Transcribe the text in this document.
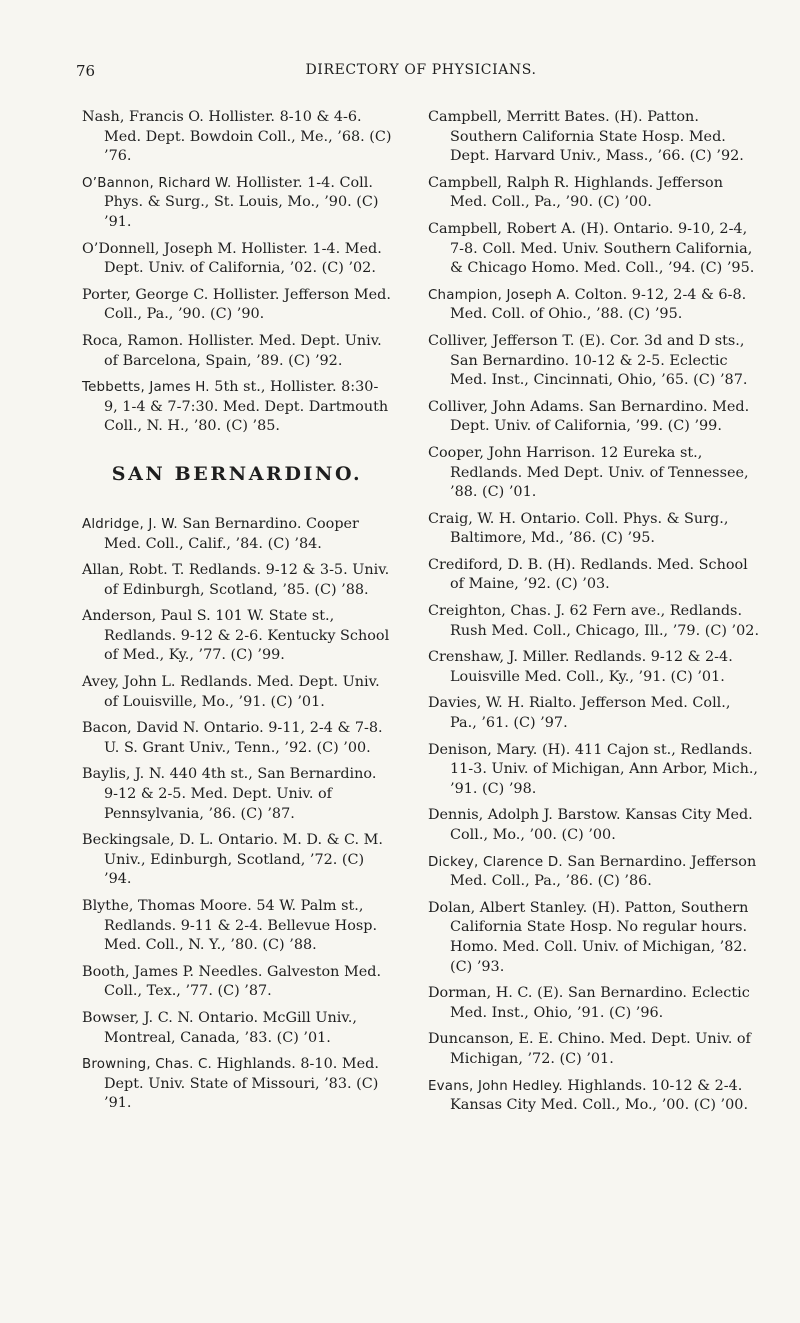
76	DIRECTORY OF PHYSICIANS.
Nash, Francis O. Hollister. 8-10 & 4-6. Med. Dept. Bowdoin Coll., Me., ’68. (C) ’76.
O’Bannon, Richard W. Hollister. 1-4. Coll. Phys. & Surg., St. Louis, Mo., ’90. (C) ’91.
O’Donnell, Joseph M. Hollister. 1-4. Med. Dept. Univ. of California, ’02. (C) ’02.
Porter, George C. Hollister. Jefferson Med. Coll., Pa., ’90. (C) ’90.
Roca, Ramon. Hollister. Med. Dept. Univ. of Barcelona, Spain, ’89. (C) ’92.
Tebbetts, James H. 5th st., Hollister. 8:30-9, 1-4 & 7-7:30. Med. Dept. Dartmouth Coll., N. H., ’80. (C) ’85.
SAN BERNARDINO.
Aldridge, J. W. San Bernardino. Cooper Med. Coll., Calif., ’84. (C) ’84.
Allan, Robt. T. Redlands. 9-12 & 3-5. Univ. of Edinburgh, Scotland, ’85. (C) ’88.
Anderson, Paul S. 101 W. State st., Redlands. 9-12 & 2-6. Kentucky School of Med., Ky., ’77. (C) ’99.
Avey, John L. Redlands. Med. Dept. Univ. of Louisville, Mo., ’91. (C) ’01.
Bacon, David N. Ontario. 9-11, 2-4 & 7-8. U. S. Grant Univ., Tenn., ’92. (C) ’00.
Baylis, J. N. 440 4th st., San Bernardino. 9-12 & 2-5. Med. Dept. Univ. of Pennsylvania, ’86. (C) ’87.
Beckingsale, D. L. Ontario. M. D. & C. M. Univ., Edinburgh, Scotland, ’72. (C) ’94.
Blythe, Thomas Moore. 54 W. Palm st., Redlands. 9-11 & 2-4. Bellevue Hosp. Med. Coll., N. Y., ’80. (C) ’88.
Booth, James P. Needles. Galveston Med. Coll., Tex., ’77. (C) ’87.
Bowser, J. C. N. Ontario. McGill Univ., Montreal, Canada, ’83. (C) ’01.
Browning, Chas. C. Highlands. 8-10. Med. Dept. Univ. State of Missouri, ’83. (C) ’91.
Campbell, Merritt Bates. (H). Patton. Southern California State Hosp. Med. Dept. Harvard Univ., Mass., ’66. (C) ’92.
Campbell, Ralph R. Highlands. Jefferson Med. Coll., Pa., ’90. (C) ’00.
Campbell, Robert A. (H). Ontario. 9-10, 2-4, 7-8. Coll. Med. Univ. Southern California, & Chicago Homo. Med. Coll., ’94. (C) ’95.
Champion, Joseph A. Colton. 9-12, 2-4 & 6-8. Med. Coll. of Ohio., ’88. (C) ’95.
Colliver, Jefferson T. (E). Cor. 3d and D sts., San Bernardino. 10-12 & 2-5. Eclectic Med. Inst., Cincinnati, Ohio, ’65. (C) ’87.
Colliver, John Adams. San Bernardino. Med. Dept. Univ. of California, ’99. (C) ’99.
Cooper, John Harrison. 12 Eureka st., Redlands. Med Dept. Univ. of Tennessee, ’88. (C) ’01.
Craig, W. H. Ontario. Coll. Phys. & Surg., Baltimore, Md., ’86. (C) ’95.
Crediford, D. B. (H). Redlands. Med. School of Maine, ’92. (C) ’03.
Creighton, Chas. J. 62 Fern ave., Redlands. Rush Med. Coll., Chicago, Ill., ’79. (C) ’02.
Crenshaw, J. Miller. Redlands. 9-12 & 2-4. Louisville Med. Coll., Ky., ’91. (C) ’01.
Davies, W. H. Rialto. Jefferson Med. Coll., Pa., ’61. (C) ’97.
Denison, Mary. (H). 411 Cajon st., Redlands. 11-3. Univ. of Michigan, Ann Arbor, Mich., ’91. (C) ’98.
Dennis, Adolph J. Barstow. Kansas City Med. Coll., Mo., ’00. (C) ’00.
Dickey, Clarence D. San Bernardino. Jefferson Med. Coll., Pa., ’86. (C) ’86.
Dolan, Albert Stanley. (H). Patton, Southern California State Hosp. No regular hours. Homo. Med. Coll. Univ. of Michigan, ’82. (C) ’93.
Dorman, H. C. (E). San Bernardino. Eclectic Med. Inst., Ohio, ’91. (C) ’96.
Duncanson, E. E. Chino. Med. Dept. Univ. of Michigan, ’72. (C) ’01.
Evans, John Hedley. Highlands. 10-12 & 2-4. Kansas City Med. Coll., Mo., ’00. (C) ’00.
